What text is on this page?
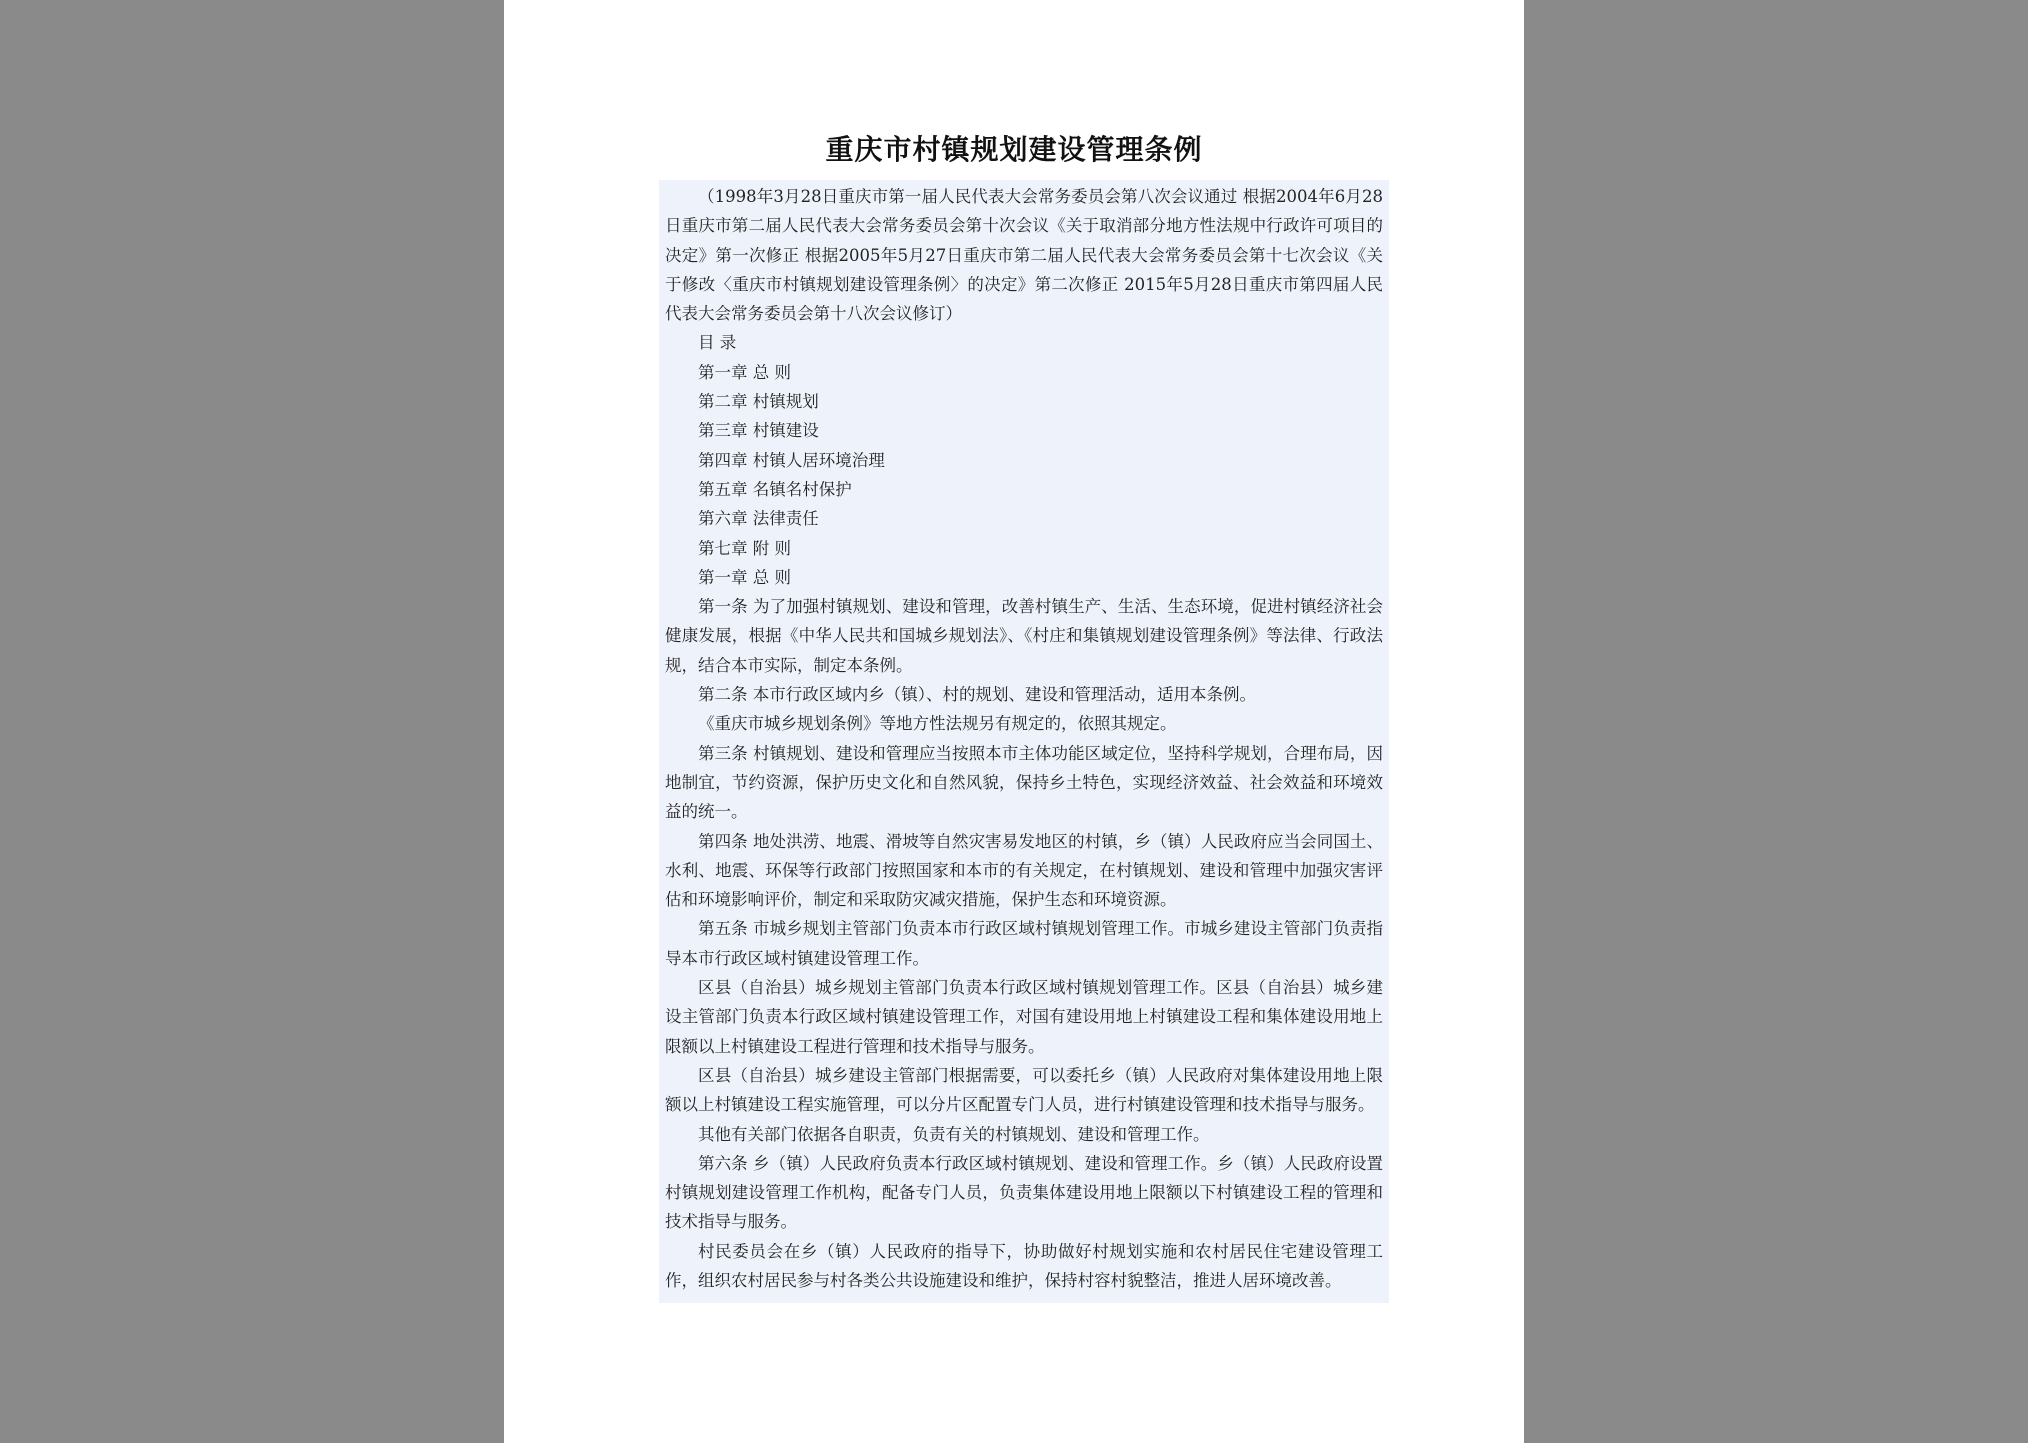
重庆市村镇规划建设管理条例

（1998年3月28日重庆市第一届人民代表大会常务委员会第八次会议通过 根据2004年6月28日重庆市第二届人民代表大会常务委员会第十次会议《关于取消部分地方性法规中行政许可项目的决定》第一次修正 根据2005年5月27日重庆市第二届人民代表大会常务委员会第十七次会议《关于修改〈重庆市村镇规划建设管理条例〉的决定》第二次修正 2015年5月28日重庆市第四届人民代表大会常务委员会第十八次会议修订）

目 录

第一章 总 则

第二章 村镇规划

第三章 村镇建设

第四章 村镇人居环境治理

第五章 名镇名村保护

第六章 法律责任

第七章 附 则

第一章 总 则

第一条 为了加强村镇规划、建设和管理，改善村镇生产、生活、生态环境，促进村镇经济社会健康发展，根据《中华人民共和国城乡规划法》、《村庄和集镇规划建设管理条例》等法律、行政法规，结合本市实际，制定本条例。

第二条 本市行政区域内乡（镇）、村的规划、建设和管理活动，适用本条例。

《重庆市城乡规划条例》等地方性法规另有规定的，依照其规定。

第三条 村镇规划、建设和管理应当按照本市主体功能区域定位，坚持科学规划，合理布局，因地制宜，节约资源，保护历史文化和自然风貌，保持乡土特色，实现经济效益、社会效益和环境效益的统一。

第四条 地处洪涝、地震、滑坡等自然灾害易发地区的村镇，乡（镇）人民政府应当会同国土、水利、地震、环保等行政部门按照国家和本市的有关规定，在村镇规划、建设和管理中加强灾害评估和环境影响评价，制定和采取防灾减灾措施，保护生态和环境资源。

第五条 市城乡规划主管部门负责本市行政区域村镇规划管理工作。市城乡建设主管部门负责指导本市行政区域村镇建设管理工作。

区县（自治县）城乡规划主管部门负责本行政区域村镇规划管理工作。区县（自治县）城乡建设主管部门负责本行政区域村镇建设管理工作，对国有建设用地上村镇建设工程和集体建设用地上限额以上村镇建设工程进行管理和技术指导与服务。

区县（自治县）城乡建设主管部门根据需要，可以委托乡（镇）人民政府对集体建设用地上限额以上村镇建设工程实施管理，可以分片区配置专门人员，进行村镇建设管理和技术指导与服务。

其他有关部门依据各自职责，负责有关的村镇规划、建设和管理工作。

第六条 乡（镇）人民政府负责本行政区域村镇规划、建设和管理工作。乡（镇）人民政府设置村镇规划建设管理工作机构，配备专门人员，负责集体建设用地上限额以下村镇建设工程的管理和技术指导与服务。

村民委员会在乡（镇）人民政府的指导下，协助做好村规划实施和农村居民住宅建设管理工作，组织农村居民参与村各类公共设施建设和维护，保持村容村貌整洁，推进人居环境改善。
